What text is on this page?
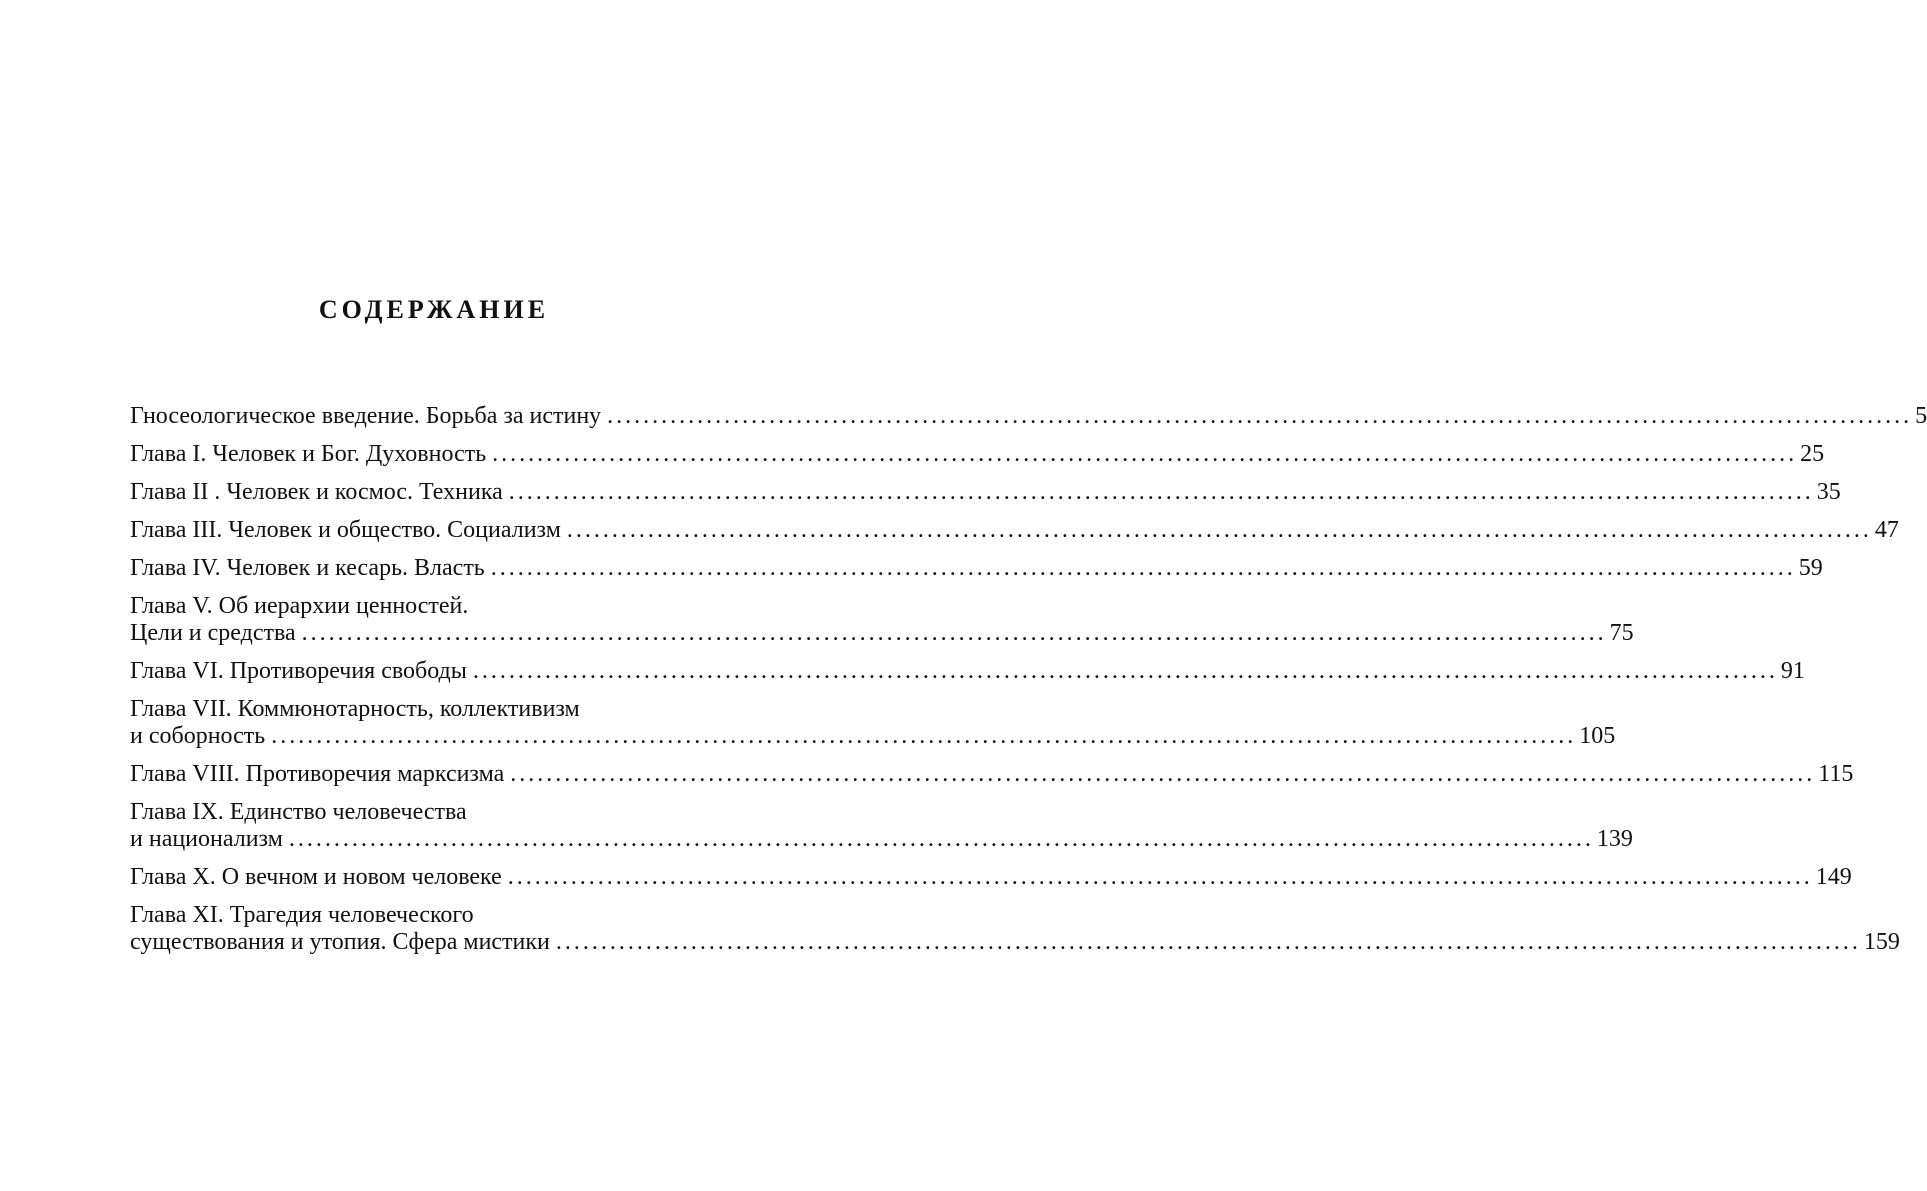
СОДЕРЖАНИЕ
Гносеологическое введение. Борьба за истину ................................................................................................................................................. 5
Глава I. Человек и Бог. Духовность ................................................................................................................................................. 25
Глава II . Человек и космос. Техника ................................................................................................................................................. 35
Глава III. Человек и общество. Социализм ................................................................................................................................................. 47
Глава IV. Человек и кесарь. Власть ................................................................................................................................................. 59
Глава V. Об иерархии ценностей.
Цели и средства ................................................................................................................................................. 75
Глава VI. Противоречия свободы ................................................................................................................................................. 91
Глава VII. Коммюнотарность, коллективизм
и соборность ................................................................................................................................................. 105
Глава VIII. Противоречия марксизма ................................................................................................................................................. 115
Глава IX. Единство человечества
и национализм ................................................................................................................................................. 139
Глава X. О вечном и новом человеке ................................................................................................................................................. 149
Глава XI. Трагедия человеческого
существования и утопия. Сфера мистики ................................................................................................................................................. 159
